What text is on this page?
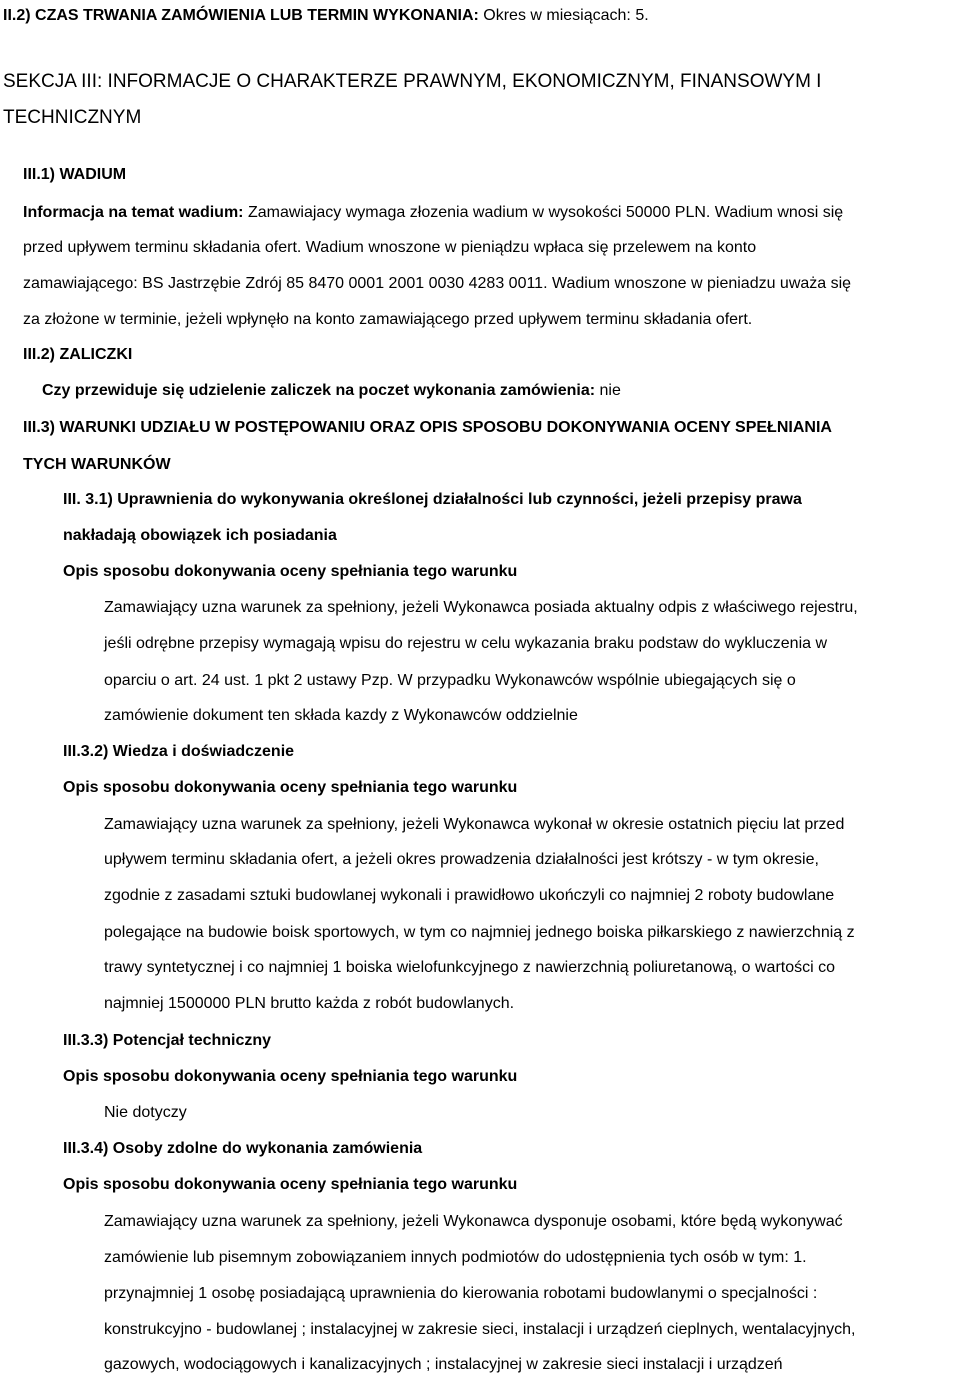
II.2) CZAS TRWANIA ZAMÓWIENIA LUB TERMIN WYKONANIA: Okres w miesiącach: 5.
SEKCJA III: INFORMACJE O CHARAKTERZE PRAWNYM, EKONOMICZNYM, FINANSOWYM I
TECHNICZNYM
III.1) WADIUM
Informacja na temat wadium: Zamawiajacy wymaga złozenia wadium w wysokości 50000 PLN. Wadium wnosi się
przed upływem terminu składania ofert. Wadium wnoszone w pieniądzu wpłaca się przelewem na konto
zamawiającego: BS Jastrzębie Zdrój 85 8470 0001 2001 0030 4283 0011. Wadium wnoszone w pieniadzu uważa się
za złożone w terminie, jeżeli wpłynęło na konto zamawiającego przed upływem terminu składania ofert.
III.2) ZALICZKI
Czy przewiduje się udzielenie zaliczek na poczet wykonania zamówienia: nie
III.3) WARUNKI UDZIAŁU W POSTĘPOWANIU ORAZ OPIS SPOSOBU DOKONYWANIA OCENY SPEŁNIANIA
TYCH WARUNKÓW
III. 3.1) Uprawnienia do wykonywania określonej działalności lub czynności, jeżeli przepisy prawa
nakładają obowiązek ich posiadania
Opis sposobu dokonywania oceny spełniania tego warunku
Zamawiający uzna warunek za spełniony, jeżeli Wykonawca posiada aktualny odpis z właściwego rejestru,
jeśli odrębne przepisy wymagają wpisu do rejestru w celu wykazania braku podstaw do wykluczenia w
oparciu o art. 24 ust. 1 pkt 2 ustawy Pzp. W przypadku Wykonawców wspólnie ubiegających się o
zamówienie dokument ten składa kazdy z Wykonawców oddzielnie
III.3.2) Wiedza i doświadczenie
Opis sposobu dokonywania oceny spełniania tego warunku
Zamawiający uzna warunek za spełniony, jeżeli Wykonawca wykonał w okresie ostatnich pięciu lat przed
upływem terminu składania ofert, a jeżeli okres prowadzenia działalności jest krótszy - w tym okresie,
zgodnie z zasadami sztuki budowlanej wykonali i prawidłowo ukończyli co najmniej 2 roboty budowlane
polegające na budowie boisk sportowych, w tym co najmniej jednego boiska piłkarskiego z nawierzchnią z
trawy syntetycznej i co najmniej 1 boiska wielofunkcyjnego z nawierzchnią poliuretanową, o wartości co
najmniej 1500000 PLN brutto każda z robót budowlanych.
III.3.3) Potencjał techniczny
Opis sposobu dokonywania oceny spełniania tego warunku
Nie dotyczy
III.3.4) Osoby zdolne do wykonania zamówienia
Opis sposobu dokonywania oceny spełniania tego warunku
Zamawiający uzna warunek za spełniony, jeżeli Wykonawca dysponuje osobami, które będą wykonywać
zamówienie lub pisemnym zobowiązaniem innych podmiotów do udostępnienia tych osób w tym: 1.
przynajmniej 1 osobę posiadającą uprawnienia do kierowania robotami budowlanymi o specjalności :
konstrukcyjno - budowlanej ; instalacyjnej w zakresie sieci, instalacji i urządzeń cieplnych, wentalacyjnych,
gazowych, wodociągowych i kanalizacyjnych ; instalacyjnej w zakresie sieci instalacji i urządzeń
